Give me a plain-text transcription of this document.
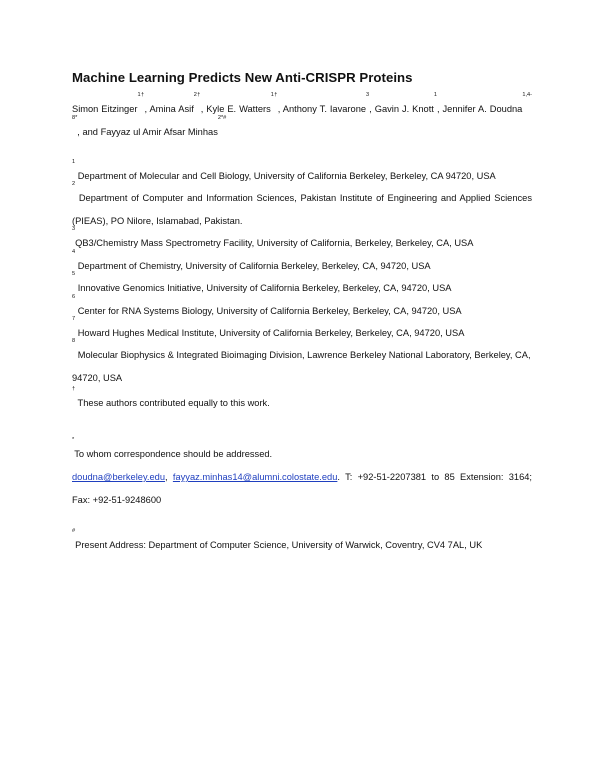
Machine Learning Predicts New Anti-CRISPR Proteins
Simon Eitzinger$^{1\dagger}$, Amina Asif$^{2\dagger}$, Kyle E. Watters$^{1\dagger}$, Anthony T. Iavarone$^3$, Gavin J. Knott$^1$, Jennifer A. Doudna$^{1,4-8*}$, and Fayyaz ul Amir Afsar Minhas$^{2*\#}$
$^1$ Department of Molecular and Cell Biology, University of California Berkeley, Berkeley, CA 94720, USA
$^2$ Department of Computer and Information Sciences, Pakistan Institute of Engineering and Applied Sciences (PIEAS), PO Nilore, Islamabad, Pakistan.
$^3$QB3/Chemistry Mass Spectrometry Facility, University of California, Berkeley, Berkeley, CA, USA
$^4$ Department of Chemistry, University of California Berkeley, Berkeley, CA, 94720, USA
$^5$ Innovative Genomics Initiative, University of California Berkeley, Berkeley, CA, 94720, USA
$^6$ Center for RNA Systems Biology, University of California Berkeley, Berkeley, CA, 94720, USA
$^7$ Howard Hughes Medical Institute, University of California Berkeley, Berkeley, CA, 94720, USA
$^8$ Molecular Biophysics & Integrated Bioimaging Division, Lawrence Berkeley National Laboratory, Berkeley, CA, 94720, USA
† These authors contributed equally to this work.
*To whom correspondence should be addressed.
doudna@berkeley.edu, fayyaz.minhas14@alumni.colostate.edu. T: +92-51-2207381 to 85 Extension: 3164; Fax: +92-51-9248600
#Present Address: Department of Computer Science, University of Warwick, Coventry, CV4 7AL, UK
